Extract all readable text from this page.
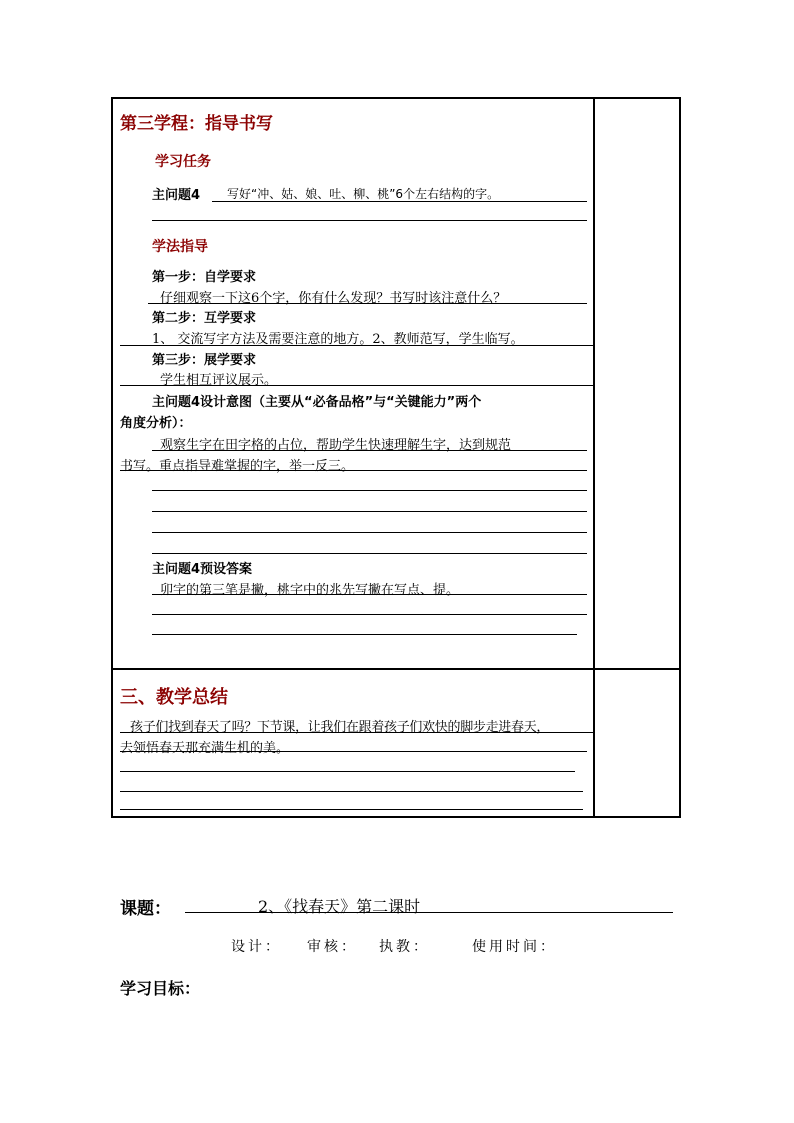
第三学程：指导书写
学习任务
主问题4 写好“冲、姑、娘、吐、柳、桃”6个左右结构的字。
学法指导
第一步：自学要求
仔细观察一下这6个字，你有什么发现？书写时该注意什么？
第二步：互学要求
1、 交流写字方法及需要注意的地方。2、教师范写，学生临写。
第三步：展学要求
学生相互评议展示。
主问题4设计意图（主要从“必备品格”与“关键能力”两个
角度分析）：
观察生字在田字格的占位，帮助学生快速理解生字，达到规范
书写。重点指导难掌握的字，举一反三。
主问题4预设答案
卯字的第三笔是撇，桃字中的兆先写撇在写点、提。
三、教学总结
孩子们找到春天了吗？下节课，让我们在跟着孩子们欢快的脚步走进春天，
去领悟春天那充满生机的美。
课题：	2、《找春天》第二课时
设计： 审核： 执教：	使用时间：
学习目标：
